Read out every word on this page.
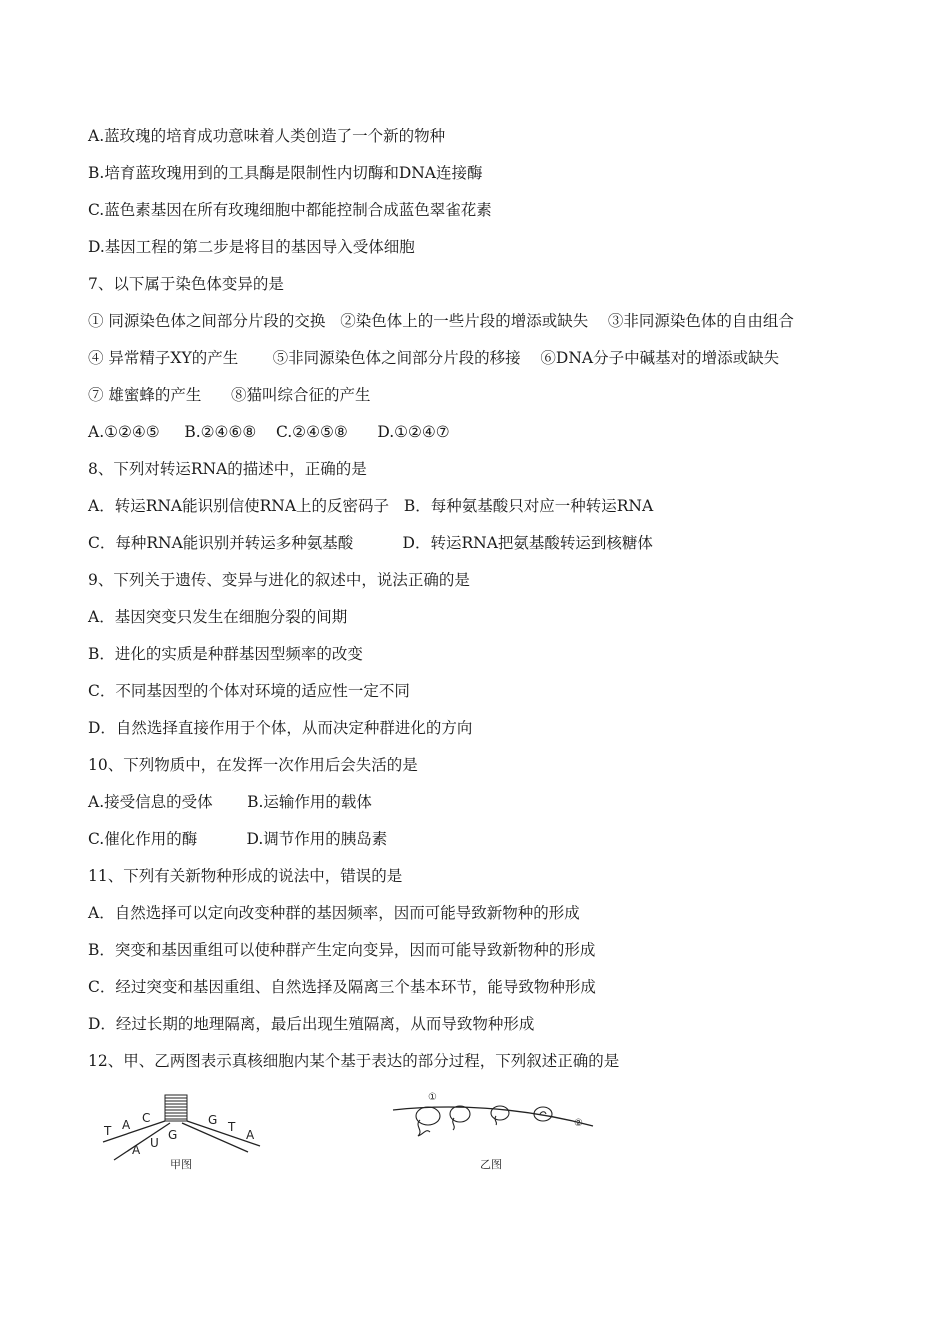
A.蓝玫瑰的培育成功意味着人类创造了一个新的物种
B.培育蓝玫瑰用到的工具酶是限制性内切酶和DNA连接酶
C.蓝色素基因在所有玫瑰细胞中都能控制合成蓝色翠雀花素
D.基因工程的第二步是将目的基因导入受体细胞
7、以下属于染色体变异的是
① 同源染色体之间部分片段的交换   ②染色体上的一些片段的增添或缺失    ③非同源染色体的自由组合
④ 异常精子XY的产生       ⑤非同源染色体之间部分片段的移接    ⑥DNA分子中碱基对的增添或缺失
⑦ 雄蜜蜂的产生      ⑧猫叫综合征的产生
A.①②④⑤     B.②④⑥⑧    C.②④⑤⑧      D.①②④⑦
8、下列对转运RNA的描述中，正确的是
A．转运RNA能识别信使RNA上的反密码子   B．每种氨基酸只对应一种转运RNA
C．每种RNA能识别并转运多种氨基酸          D．转运RNA把氨基酸转运到核糖体
9、下列关于遗传、变异与进化的叙述中，说法正确的是
A．基因突变只发生在细胞分裂的间期
B．进化的实质是种群基因型频率的改变
C．不同基因型的个体对环境的适应性一定不同
D．自然选择直接作用于个体，从而决定种群进化的方向
10、下列物质中，在发挥一次作用后会失活的是
A.接受信息的受体       B.运输作用的载体
C.催化作用的酶          D.调节作用的胰岛素
11、下列有关新物种形成的说法中，错误的是
A．自然选择可以定向改变种群的基因频率，因而可能导致新物种的形成
B．突变和基因重组可以使种群产生定向变异，因而可能导致新物种的形成
C．经过突变和基因重组、自然选择及隔离三个基本环节，能导致物种形成
D．经过长期的地理隔离，最后出现生殖隔离，从而导致物种形成
12、甲、乙两图表示真核细胞内某个基于表达的部分过程，下列叙述正确的是
T A C	G T
A
A U
G
甲图
①
②
乙图
